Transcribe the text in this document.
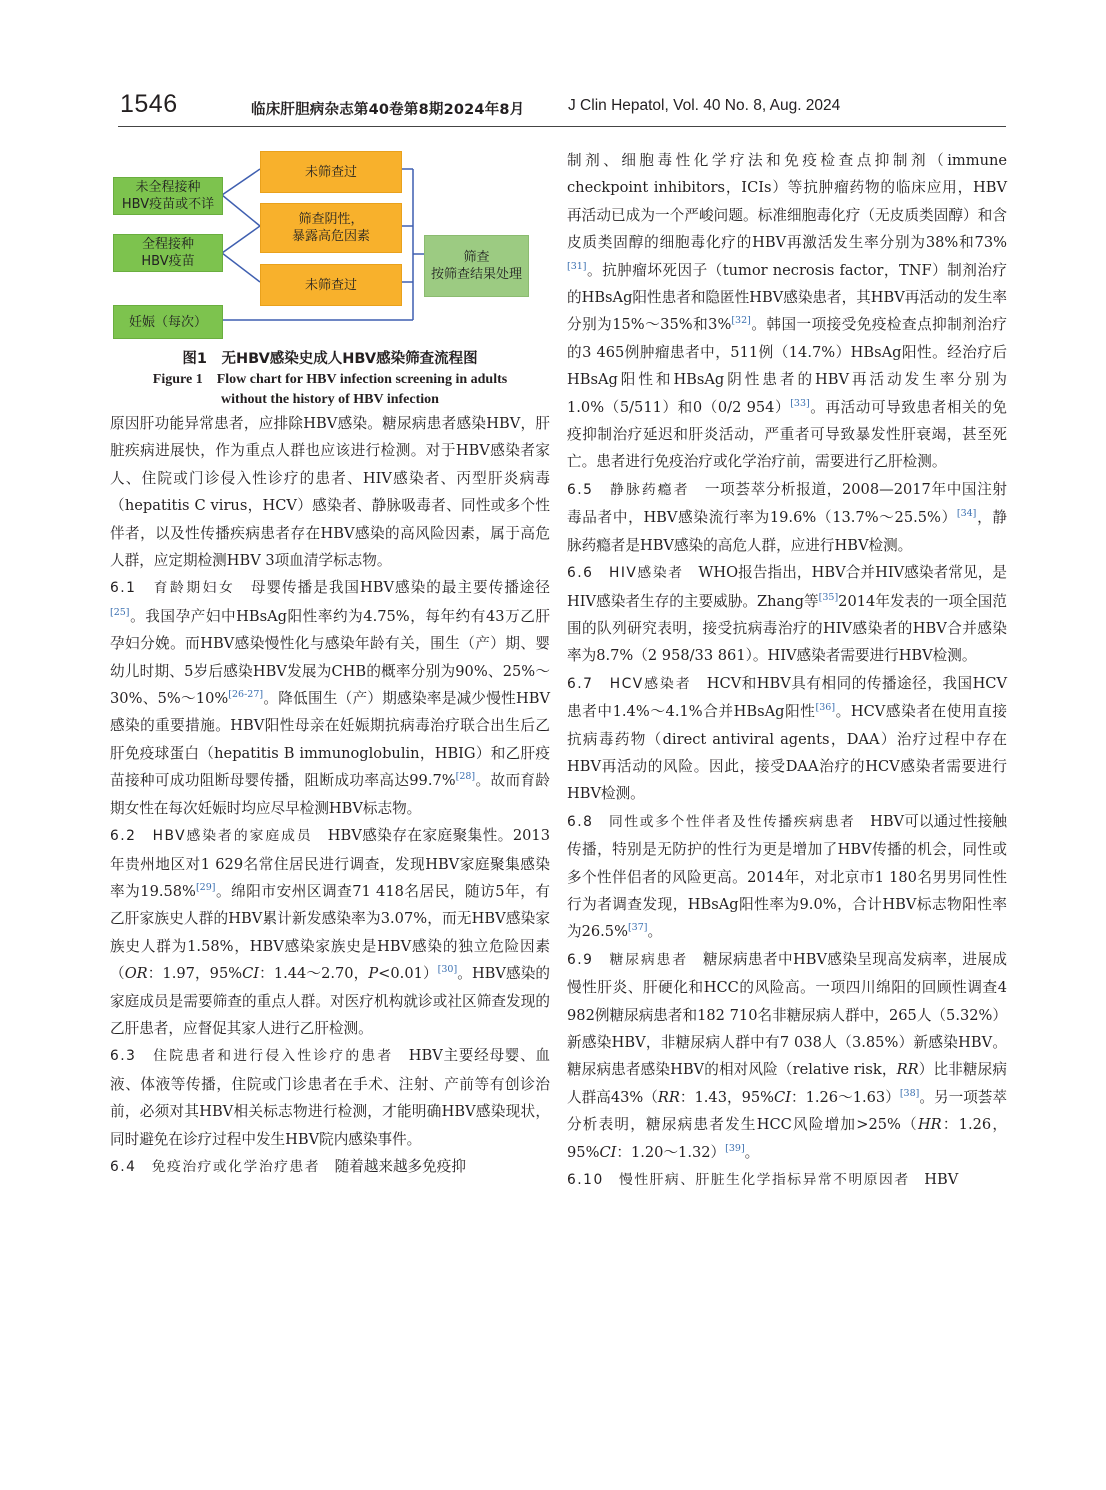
1546	临床肝胆病杂志第40卷第8期2024年8月	J Clin Hepatol, Vol. 40 No. 8, Aug. 2024
未全程接种
HBV疫苗或不详
全程接种
HBV疫苗
妊娠（每次）
未筛查过
筛查阴性，
暴露高危因素
未筛查过
筛查
按筛查结果处理
图1　无HBV感染史成人HBV感染筛查流程图
Figure 1　Flow chart for HBV infection screening in adults
without the history of HBV infection

原因肝功能异常患者，应排除HBV感染。糖尿病患者感染HBV，肝脏疾病进展快，作为重点人群也应该进行检测。对于HBV感染者家人、住院或门诊侵入性诊疗的患者、HIV感染者、丙型肝炎病毒（hepatitis C virus，HCV）感染者、静脉吸毒者、同性或多个性伴者，以及性传播疾病患者存在HBV感染的高风险因素，属于高危人群，应定期检测HBV 3项血清学标志物。

6.1　育龄期妇女　母婴传播是我国HBV感染的最主要传播途径[25]。我国孕产妇中HBsAg阳性率约为4.75%，每年约有43万乙肝孕妇分娩。而HBV感染慢性化与感染年龄有关，围生（产）期、婴幼儿时期、5岁后感染HBV发展为CHB的概率分别为90%、25%～30%、5%～10%[26-27]。降低围生（产）期感染率是减少慢性HBV感染的重要措施。HBV阳性母亲在妊娠期抗病毒治疗联合出生后乙肝免疫球蛋白（hepatitis B immunoglobulin，HBIG）和乙肝疫苗接种可成功阻断母婴传播，阻断成功率高达99.7%[28]。故而育龄期女性在每次妊娠时均应尽早检测HBV标志物。

6.2　HBV感染者的家庭成员　HBV感染存在家庭聚集性。2013年贵州地区对1 629名常住居民进行调查，发现HBV家庭聚集感染率为19.58%[29]。绵阳市安州区调查71 418名居民，随访5年，有乙肝家族史人群的HBV累计新发感染率为3.07%，而无HBV感染家族史人群为1.58%，HBV感染家族史是HBV感染的独立危险因素（OR：1.97，95%CI：1.44～2.70，P<0.01）[30]。HBV感染的家庭成员是需要筛查的重点人群。对医疗机构就诊或社区筛查发现的乙肝患者，应督促其家人进行乙肝检测。

6.3　住院患者和进行侵入性诊疗的患者　HBV主要经母婴、血液、体液等传播，住院或门诊患者在手术、注射、产前等有创诊治前，必须对其HBV相关标志物进行检测，才能明确HBV感染现状，同时避免在诊疗过程中发生HBV院内感染事件。

6.4　免疫治疗或化学治疗患者　随着越来越多免疫抑

制剂、细胞毒性化学疗法和免疫检查点抑制剂（immune checkpoint inhibitors，ICIs）等抗肿瘤药物的临床应用，HBV再活动已成为一个严峻问题。标准细胞毒化疗（无皮质类固醇）和含皮质类固醇的细胞毒化疗的HBV再激活发生率分别为38%和73%[31]。抗肿瘤坏死因子（tumor necrosis factor，TNF）制剂治疗的HBsAg阳性患者和隐匿性HBV感染患者，其HBV再活动的发生率分别为15%～35%和3%[32]。韩国一项接受免疫检查点抑制剂治疗的3 465例肿瘤患者中，511例（14.7%）HBsAg阳性。经治疗后HBsAg阳性和HBsAg阴性患者的HBV再活动发生率分别为1.0%（5/511）和0（0/2 954）[33]。再活动可导致患者相关的免疫抑制治疗延迟和肝炎活动，严重者可导致暴发性肝衰竭，甚至死亡。患者进行免疫治疗或化学治疗前，需要进行乙肝检测。

6.5　静脉药瘾者　一项荟萃分析报道，2008—2017年中国注射毒品者中，HBV感染流行率为19.6%（13.7%～25.5%）[34]，静脉药瘾者是HBV感染的高危人群，应进行HBV检测。

6.6　HIV感染者　WHO报告指出，HBV合并HIV感染者常见，是HIV感染者生存的主要威胁。Zhang等[35]2014年发表的一项全国范围的队列研究表明，接受抗病毒治疗的HIV感染者的HBV合并感染率为8.7%（2 958/33 861）。HIV感染者需要进行HBV检测。

6.7　HCV感染者　HCV和HBV具有相同的传播途径，我国HCV患者中1.4%～4.1%合并HBsAg阳性[36]。HCV感染者在使用直接抗病毒药物（direct antiviral agents，DAA）治疗过程中存在HBV再活动的风险。因此，接受DAA治疗的HCV感染者需要进行HBV检测。

6.8　同性或多个性伴者及性传播疾病患者　HBV可以通过性接触传播，特别是无防护的性行为更是增加了HBV传播的机会，同性或多个性伴侣者的风险更高。2014年，对北京市1 180名男男同性性行为者调查发现，HBsAg阳性率为9.0%，合计HBV标志物阳性率为26.5%[37]。

6.9　糖尿病患者　糖尿病患者中HBV感染呈现高发病率，进展成慢性肝炎、肝硬化和HCC的风险高。一项四川绵阳的回顾性调查4 982例糖尿病患者和182 710名非糖尿病人群中，265人（5.32%）新感染HBV，非糖尿病人群中有7 038人（3.85%）新感染HBV。糖尿病患者感染HBV的相对风险（relative risk，RR）比非糖尿病人群高43%（RR：1.43，95%CI：1.26～1.63）[38]。另一项荟萃分析表明，糖尿病患者发生HCC风险增加>25%（HR：1.26，95%CI：1.20～1.32）[39]。

6.10　慢性肝病、肝脏生化学指标异常不明原因者　HBV
